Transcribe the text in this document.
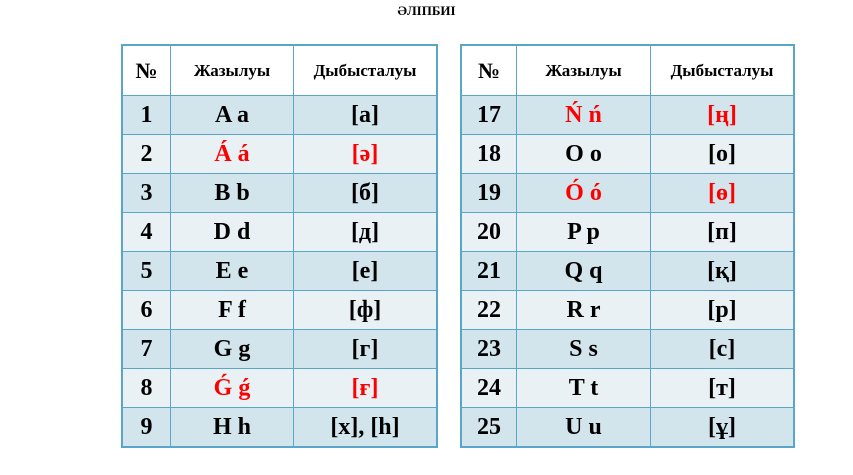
ӘЛІПБИІ
№	Жазылуы	Дыбысталуы
1	A a	[а]
2	Á á	[ә]
3	B b	[б]
4	D d	[д]
5	E e	[е]
6	F f	[ф]
7	G g	[г]
8	Ǵ ǵ	[ғ]
9	H h	[х], [h]
№	Жазылуы	Дыбысталуы
17	Ń ń	[ң]
18	O o	[о]
19	Ó ó	[ө]
20	P p	[п]
21	Q q	[қ]
22	R r	[р]
23	S s	[с]
24	T t	[т]
25	U u	[ұ]
